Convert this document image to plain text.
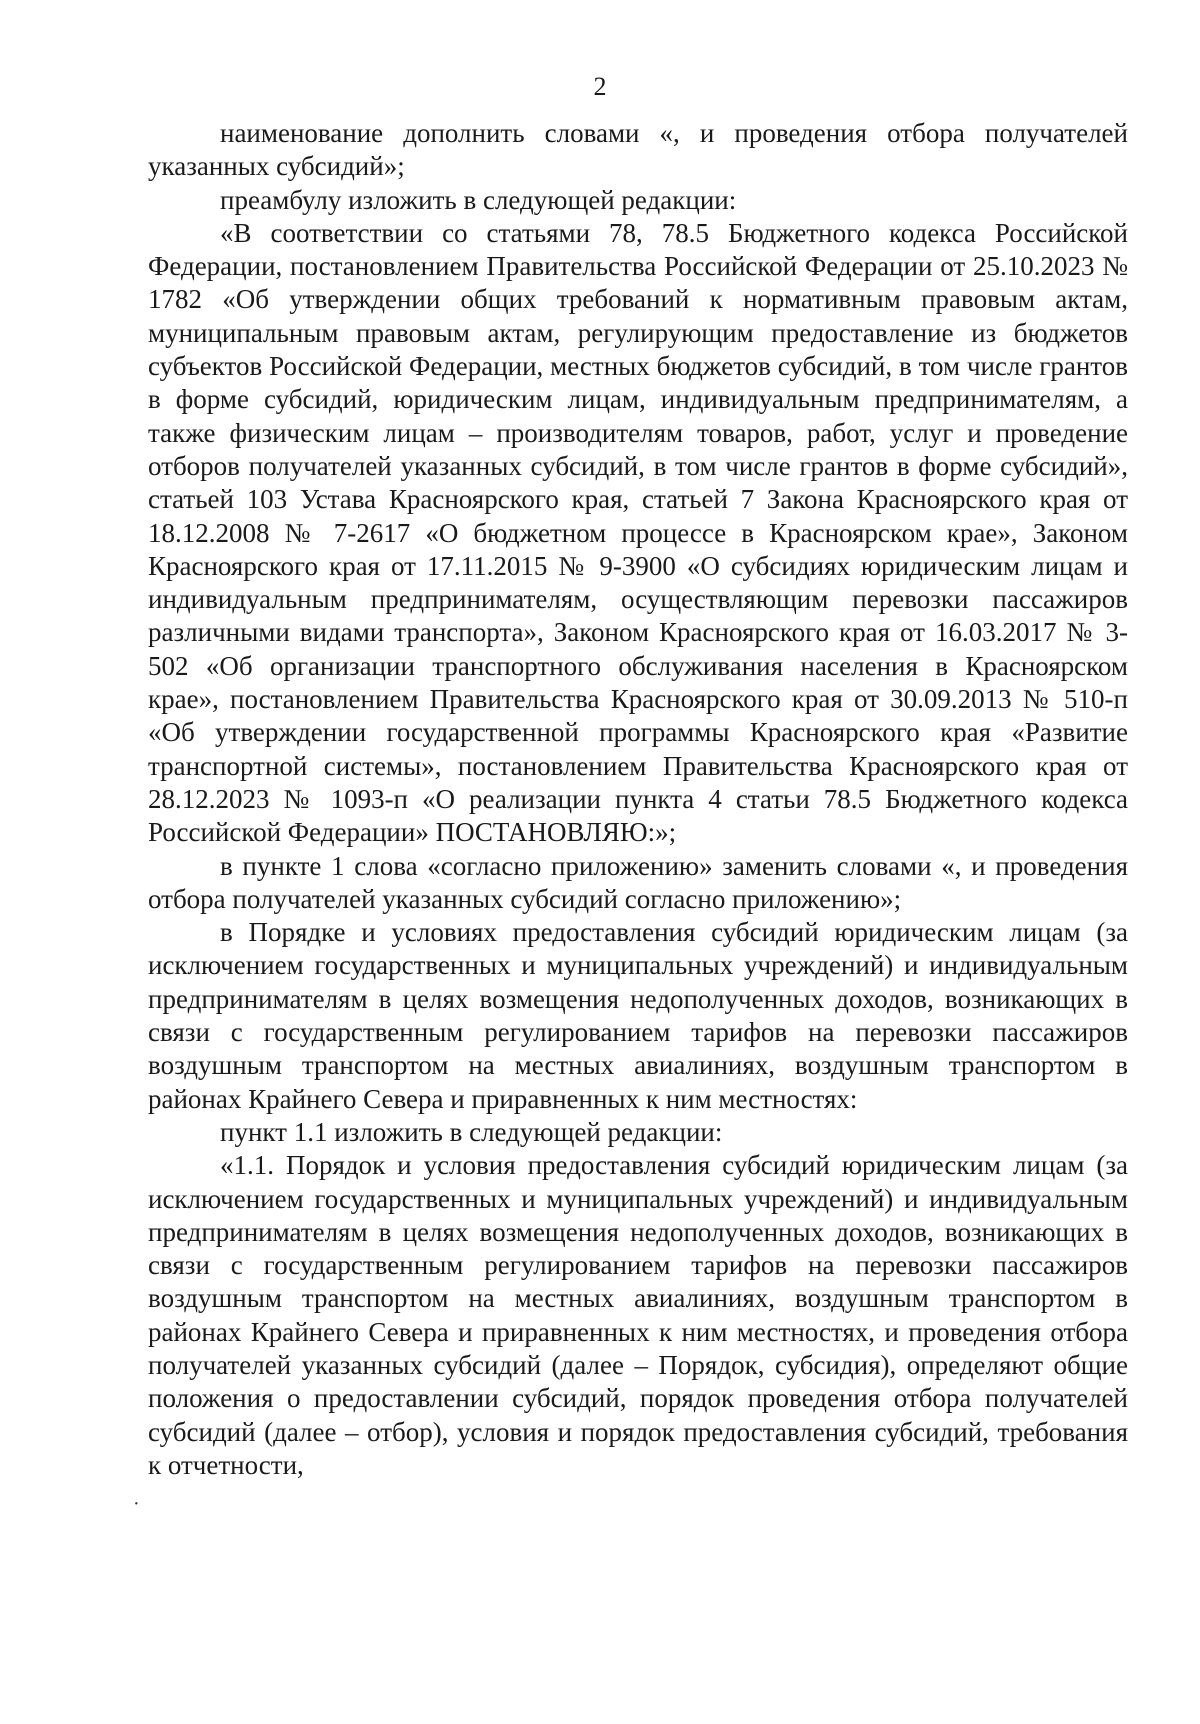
2
·

наименование дополнить словами «, и проведения отбора получателей указанных субсидий»;

преамбулу изложить в следующей редакции:

«В соответствии со статьями 78, 78.5 Бюджетного кодекса Российской Федерации, постановлением Правительства Российской Федерации от 25.10.2023 № 1782 «Об утверждении общих требований к нормативным правовым актам, муниципальным правовым актам, регулирующим предоставление из бюджетов субъектов Российской Федерации, местных бюджетов субсидий, в том числе грантов в форме субсидий, юридическим лицам, индивидуальным предпринимателям, а также физическим лицам – производителям товаров, работ, услуг и проведение отборов получателей указанных субсидий, в том числе грантов в форме субсидий», статьей 103 Устава Красноярского края, статьей 7 Закона Красноярского края от 18.12.2008 № 7-2617 «О бюджетном процессе в Красноярском крае», Законом Красноярского края от 17.11.2015 № 9-3900 «О субсидиях юридическим лицам и индивидуальным предпринимателям, осуществляющим перевозки пассажиров различными видами транспорта», Законом Красноярского края от 16.03.2017 № 3-502 «Об организации транспортного обслуживания населения в Красноярском крае», постановлением Правительства Красноярского края от 30.09.2013 № 510-п «Об утверждении государственной программы Красноярского края «Развитие транспортной системы», постановлением Правительства Красноярского края от 28.12.2023 № 1093-п «О реализации пункта 4 статьи 78.5 Бюджетного кодекса Российской Федерации» ПОСТАНОВЛЯЮ:»;

в пункте 1 слова «согласно приложению» заменить словами «, и проведения отбора получателей указанных субсидий согласно приложению»;

в Порядке и условиях предоставления субсидий юридическим лицам (за исключением государственных и муниципальных учреждений) и индивидуальным предпринимателям в целях возмещения недополученных доходов, возникающих в связи с государственным регулированием тарифов на перевозки пассажиров воздушным транспортом на местных авиалиниях, воздушным транспортом в районах Крайнего Севера и приравненных к ним местностях:

пункт 1.1 изложить в следующей редакции:

«1.1. Порядок и условия предоставления субсидий юридическим лицам (за исключением государственных и муниципальных учреждений) и индивидуальным предпринимателям в целях возмещения недополученных доходов, возникающих в связи с государственным регулированием тарифов на перевозки пассажиров воздушным транспортом на местных авиалиниях, воздушным транспортом в районах Крайнего Севера и приравненных к ним местностях, и проведения отбора получателей указанных субсидий (далее – Порядок, субсидия), определяют общие положения о предоставлении субсидий, порядок проведения отбора получателей субсидий (далее – отбор), условия и порядок предоставления субсидий, требования к отчетности,
